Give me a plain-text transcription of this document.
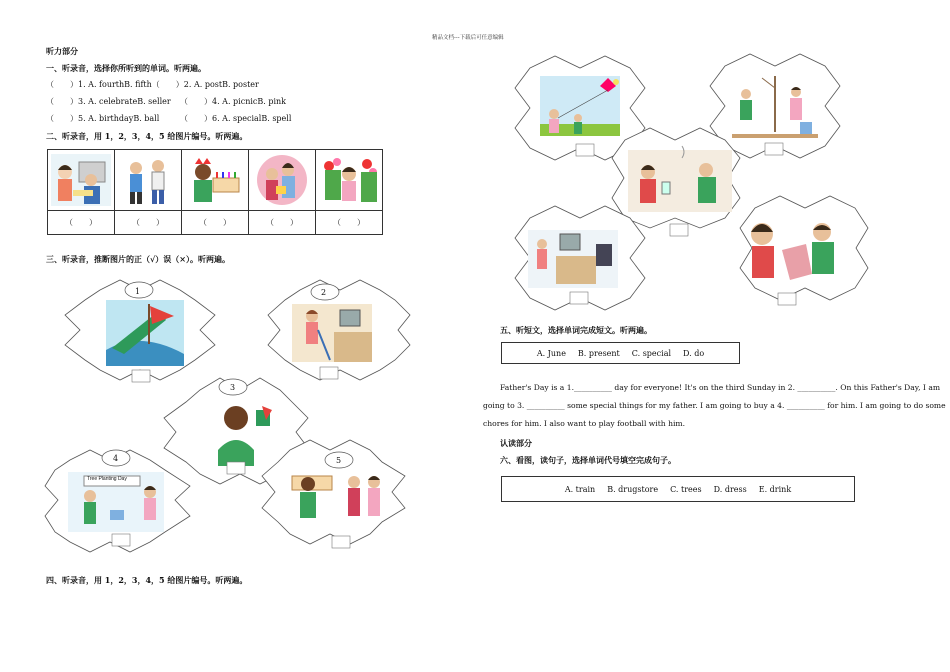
精品文档---下载后可任意编辑
听力部分
一、听录音，选择你所听到的单词。听两遍。
（　　）1. A. fourthB. fifth（　　）2. A. postB. poster
（　　）3. A. celebrateB. seller （　　）4. A. picnicB. pink
（　　）5. A. birthdayB. ball	（　　）6. A. specialB. spell
二、听录音，用 1，2，3，4，5 给图片编号。听两遍。

（　　）	（　　）	（　　）	（　　）	（　　）
三、听录音，推断图片的正（√）误（×）。听两遍。
1	2
3
4	5
Tree Planting Day
四、听录音，用 1，2，3，4，5 给图片编号。听两遍。
五、听短文，选择单词完成短文。听两遍。
A. June B. present C. special D. do
Father's Day is a 1.__________ day for everyone! It's on the third Sunday in 2. __________. On this Father's Day, I am
going to 3. __________ some special things for my father. I am going to buy a 4. __________ for him. I am going to do some
chores for him. I also want to play football with him.
认读部分
六、看图，读句子，选择单词代号填空完成句子。
A. train B. drugstore C. trees D. dress E. drink
